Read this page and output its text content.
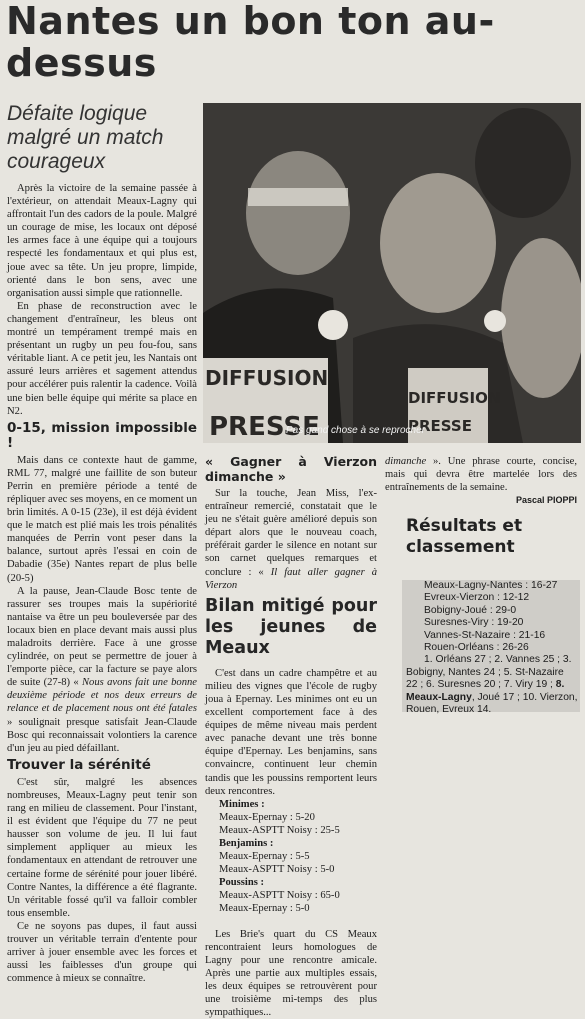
Nantes un bon ton au-dessus
Défaite logique malgré un match courageux

Après la victoire de la semaine passée à l'extérieur, on attendait Meaux-Lagny qui affrontait l'un des cadors de la poule. Malgré un courage de mise, les locaux ont déposé les armes face à une équipe qui a toujours respecté les fondamentaux et qui plus est, joue avec sa tête. Un jeu propre, limpide, orienté dans le bon sens, avec une organisation aussi simple que rationnelle.

En phase de reconstruction avec le changement d'entraîneur, les bleus ont montré un tempérament trempé mais en présentant un rugby un peu fou-fou, sans véritable liant. A ce petit jeu, les Nantais ont assuré leurs arrières et sagement attendus pour accélérer puis ralentir la cadence. Voilà une bien belle équipe qui mérite sa place en N2.

0-15, mission impossible !

Mais dans ce contexte haut de gamme, RML 77, malgré une faillite de son buteur Perrin en première période a tenté de répliquer avec ses moyens, en ce moment un brin limités. A 0-15 (23e), il est déjà évident que le match est plié mais les trois pénalités manquées de Perrin vont peser dans la balance, surtout après l'essai en coin de Dabadie (35e) Nantes repart de plus belle (20-5)

A la pause, Jean-Claude Bosc tente de rassurer ses troupes mais la supériorité nantaise va être un peu bouleversée par des locaux bien en place devant mais aussi plus maladroits derrière. Face à une grosse cylindrée, on peut se permettre de jouer à l'emporte pièce, car la facture se paye alors de suite (27-8) « Nous avons fait une bonne deuxième période et nos deux erreurs de relance et de placement nous ont été fatales » soulignait presque satisfait Jean-Claude Bosc qui reconnaissait volontiers la carence d'un jeu au pied défaillant.

Trouver la sérénité

C'est sûr, malgré les absences nombreuses, Meaux-Lagny peut tenir son rang en milieu de classement. Pour l'instant, il est évident que l'équipe du 77 ne peut hausser son volume de jeu. Il lui faut simplement appliquer au mieux les fondamentaux en attendant de retrouver une certaine forme de sérénité pour jouer libéré. Contre Nantes, la différence a été flagrante. Un véritable fossé qu'il va falloir combler tous ensemble.

Ce ne soyons pas dupes, il faut aussi trouver un véritable terrain d'entente pour arriver à jouer ensemble avec les forces et aussi les faiblesses d'un groupe qui commence à mieux se connaître.

DIFFUSION
PRESSE
DIFFUSION
PRESSE
Pas gand chose à se reprocher
« Gagner à Vierzon dimanche »

Sur la touche, Jean Miss, l'ex-entraîneur remercié, constatait que le jeu ne s'était guère amélioré depuis son départ alors que le nouveau coach, préférait garder le silence en notant sur son carnet quelques remarques et conclure : « Il faut aller gagner à Vierzon

Bilan mitigé pour les jeunes de Meaux

C'est dans un cadre champêtre et au milieu des vignes que l'école de rugby joua à Epernay. Les minimes ont eu un excellent comportement face à des équipes de même niveau mais perdent avec panache devant une très bonne équipe d'Epernay. Les benjamins, sans convaincre, continuent leur chemin tandis que les poussins remportent leurs deux rencontres.

Minimes :
Meaux-Epernay : 5-20
Meaux-ASPTT Noisy : 25-5
Benjamins :
Meaux-Epernay : 5-5
Meaux-ASPTT Noisy : 5-0
Poussins :
Meaux-ASPTT Noisy : 65-0
Meaux-Epernay : 5-0

Les Brie's quart du CS Meaux rencontraient leurs homologues de Lagny pour une rencontre amicale. Après une partie aux multiples essais, les deux équipes se retrouvèrent pour une troisième mi-temps des plus sympathiques...

dimanche ». Une phrase courte, concise, mais qui devra être martelée lors des entraînements de la semaine.

Pascal PIOPPI
Résultats et classement
Meaux-Lagny-Nantes : 16-27
Evreux-Vierzon : 12-12
Bobigny-Joué : 29-0
Suresnes-Viry : 19-20
Vannes-St-Nazaire : 21-16
Rouen-Orléans : 26-26
1. Orléans 27 ; 2. Vannes 25 ; 3. Bobigny, Nantes 24 ; 5. St-Nazaire 22 ; 6. Suresnes 20 ; 7. Viry 19 ; 8. Meaux-Lagny, Joué 17 ; 10. Vierzon, Rouen, Evreux 14.
